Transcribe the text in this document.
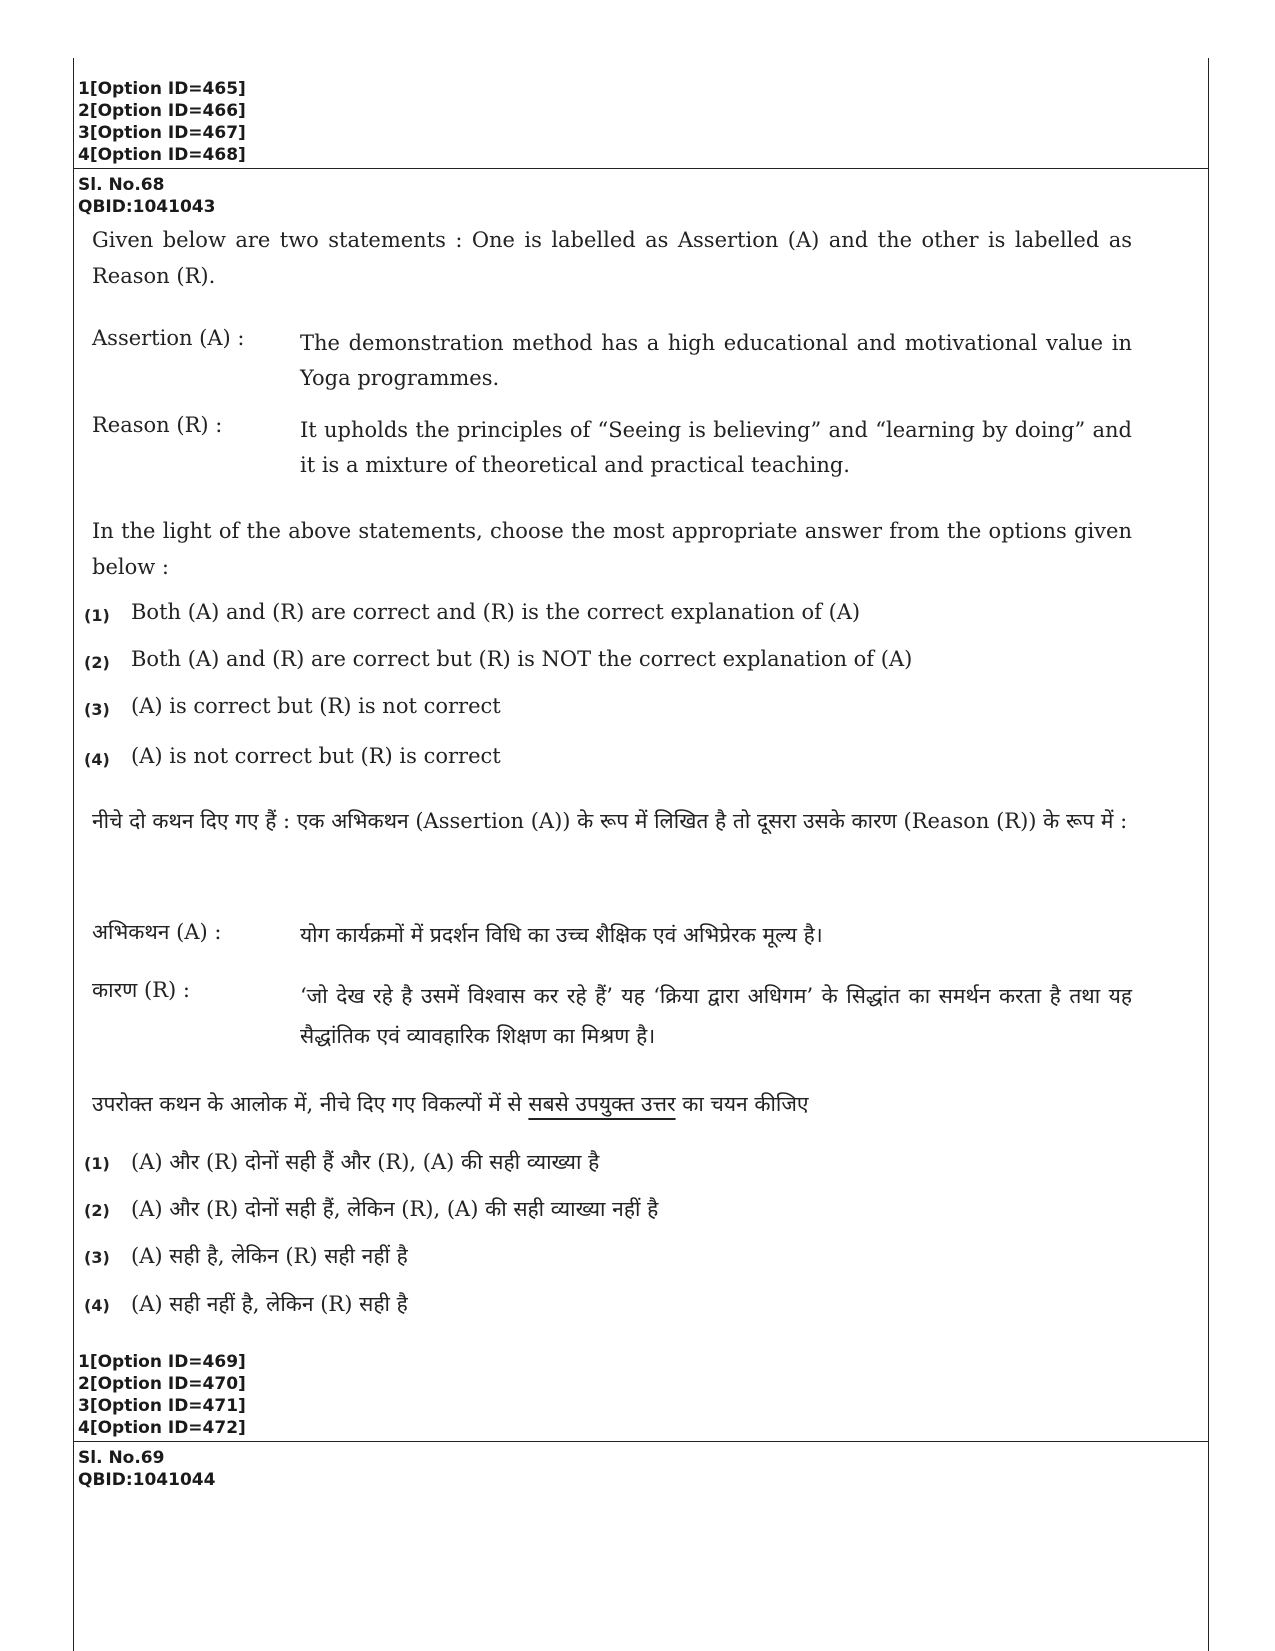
1[Option ID=465]
2[Option ID=466]
3[Option ID=467]
4[Option ID=468]
Sl. No.68
QBID:1041043
Given below are two statements : One is labelled as Assertion (A) and the other is labelled as Reason (R).
Assertion (A) :	The demonstration method has a high educational and motivational value in Yoga programmes.
Reason (R) :	It upholds the principles of “Seeing is believing” and “learning by doing” and it is a mixture of theoretical and practical teaching.
In the light of the above statements, choose the most appropriate answer from the options given below :
(1) Both (A) and (R) are correct and (R) is the correct explanation of (A)
(2) Both (A) and (R) are correct but (R) is NOT the correct explanation of (A)
(3) (A) is correct but (R) is not correct
(4) (A) is not correct but (R) is correct
नीचे दो कथन दिए गए हैं : एक अभिकथन (Assertion (A)) के रूप में लिखित है तो दूसरा उसके कारण (Reason (R)) के रूप में :
अभिकथन (A) :	योग कार्यक्रमों में प्रदर्शन विधि का उच्च शैक्षिक एवं अभिप्रेरक मूल्य है।
कारण (R) :	‘जो देख रहे है उसमें विश्वास कर रहे हैं’ यह ‘क्रिया द्वारा अधिगम’ के सिद्धांत का समर्थन करता है तथा यह सैद्धांतिक एवं व्यावहारिक शिक्षण का मिश्रण है।
उपरोक्त कथन के आलोक में, नीचे दिए गए विकल्पों में से सबसे उपयुक्त उत्तर का चयन कीजिए
(1) (A) और (R) दोनों सही हैं और (R), (A) की सही व्याख्या है
(2) (A) और (R) दोनों सही हैं, लेकिन (R), (A) की सही व्याख्या नहीं है
(3) (A) सही है, लेकिन (R) सही नहीं है
(4) (A) सही नहीं है, लेकिन (R) सही है
1[Option ID=469]
2[Option ID=470]
3[Option ID=471]
4[Option ID=472]
Sl. No.69
QBID:1041044
